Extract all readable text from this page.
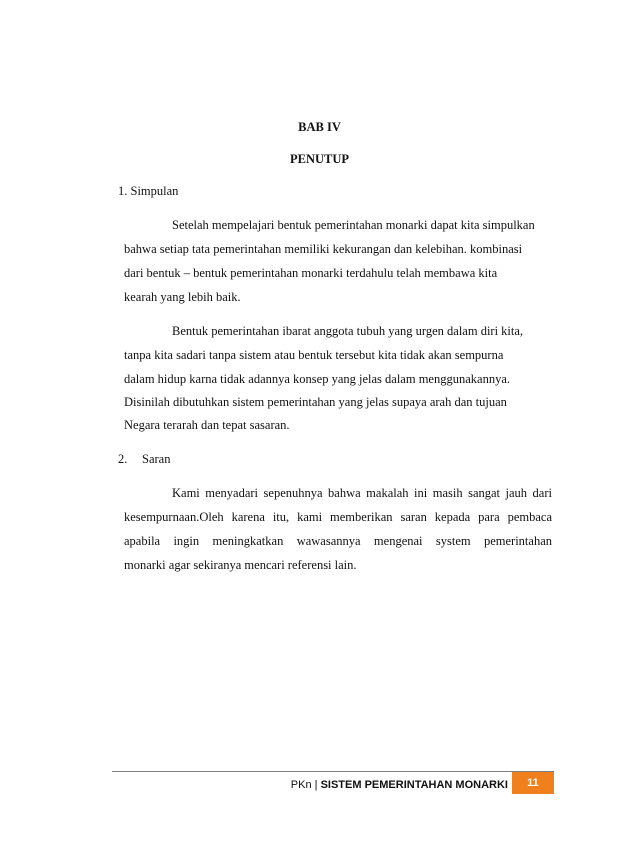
BAB IV
PENUTUP
1. Simpulan
Setelah mempelajari bentuk pemerintahan monarki dapat kita simpulkan
bahwa setiap tata pemerintahan memiliki kekurangan dan kelebihan. kombinasi
dari bentuk – bentuk pemerintahan monarki terdahulu telah membawa kita
kearah yang lebih baik.
Bentuk pemerintahan ibarat anggota tubuh yang urgen dalam diri kita,
tanpa kita sadari tanpa sistem atau bentuk tersebut kita tidak akan sempurna
dalam hidup karna tidak adannya konsep yang jelas dalam menggunakannya.
Disinilah dibutuhkan sistem pemerintahan yang jelas supaya arah dan tujuan
Negara terarah dan tepat sasaran.
2. Saran
Kami menyadari sepenuhnya bahwa makalah ini masih sangat jauh dari
kesempurnaan.Oleh karena itu, kami memberikan saran kepada para pembaca
apabila ingin meningkatkan wawasannya mengenai system pemerintahan
monarki agar sekiranya mencari referensi lain.
PKn | SISTEM PEMERINTAHAN MONARKI	11
